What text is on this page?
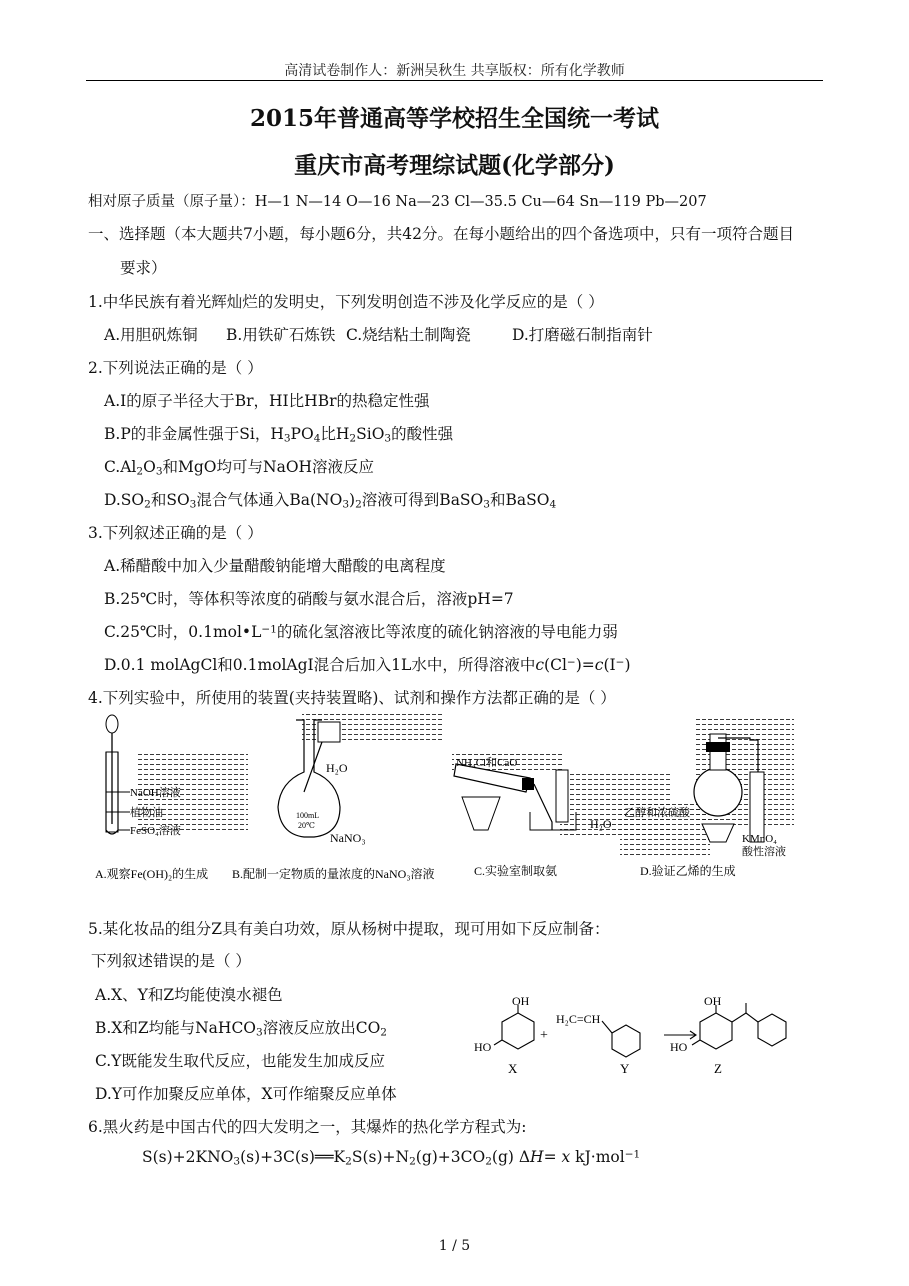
高清试卷制作人：新洲吴秋生 共享版权：所有化学教师
2015年普通高等学校招生全国统一考试
重庆市高考理综试题(化学部分)
相对原子质量（原子量）：H—1 N—14 O—16 Na—23 Cl—35.5 Cu—64 Sn—119 Pb—207
一、选择题（本大题共7小题，每小题6分，共42分。在每小题给出的四个备选项中，只有一项符合题目
要求）
1.中华民族有着光辉灿烂的发明史，下列发明创造不涉及化学反应的是（ ）
A.用胆矾炼铜 B.用铁矿石炼铁 C.烧结粘土制陶瓷	D.打磨磁石制指南针
2.下列说法正确的是（ ）
A.I的原子半径大于Br，HI比HBr的热稳定性强
B.P的非金属性强于Si，$H_3PO_4$比$H_2SiO_3$的酸性强
$C.Al_2O_3$和MgO均可与NaOH溶液反应
$D.SO_2$和$SO_3$混合气体通入$Ba(NO_3)_2$溶液可得到BaSO$_3$和BaSO$_4$
3.下列叙述正确的是（ ）
A.稀醋酸中加入少量醋酸钠能增大醋酸的电离程度
B.25℃时，等体积等浓度的硝酸与氨水混合后，溶液pH=7
C.25℃时，$0.1mol•L^{-1}$的硫化氢溶液比等浓度的硫化钠溶液的导电能力弱
D.0.1 molAgCl和0.1molAgI混合后加入1L水中，所得溶液中c(Cl−)=c(I−)
4.下列实验中，所使用的装置(夹持装置略)、试剂和操作方法都正确的是（ ）
NaOH溶液
植物油
FeSO₄溶液
H₂O
100mL
20℃
NaNO₃
NH₄Cl和CaO
H₂O
乙醇和浓硫酸
KMnO₄
酸性溶液
A.观察Fe(OH)₂的生成 B.配制一定物质的量浓度的NaNO₃溶液	C.实验室制取氨	D.验证乙烯的生成
5.某化妆品的组分Z具有美白功效，原从杨树中提取，现可用如下反应制备：
下列叙述错误的是（ ）
A.X、Y和Z均能使溴水褪色
B.X和Z均能与NaHCO$_3$溶液反应放出$CO_2$
C.Y既能发生取代反应，也能发生加成反应
D.Y可作加聚反应单体，X可作缩聚反应单体
OH
HO
H₂C=CH
OH
HO
+
X	Y	Z
6.黑火药是中国古代的四大发明之一，其爆炸的热化学方程式为:
$S(s)+2KNO_3(s)+3C(s)══K_2S(s)+N_2(g)+3CO_2(g)$ ΔH= x kJ·mol$^{-1}$
1 / 5
